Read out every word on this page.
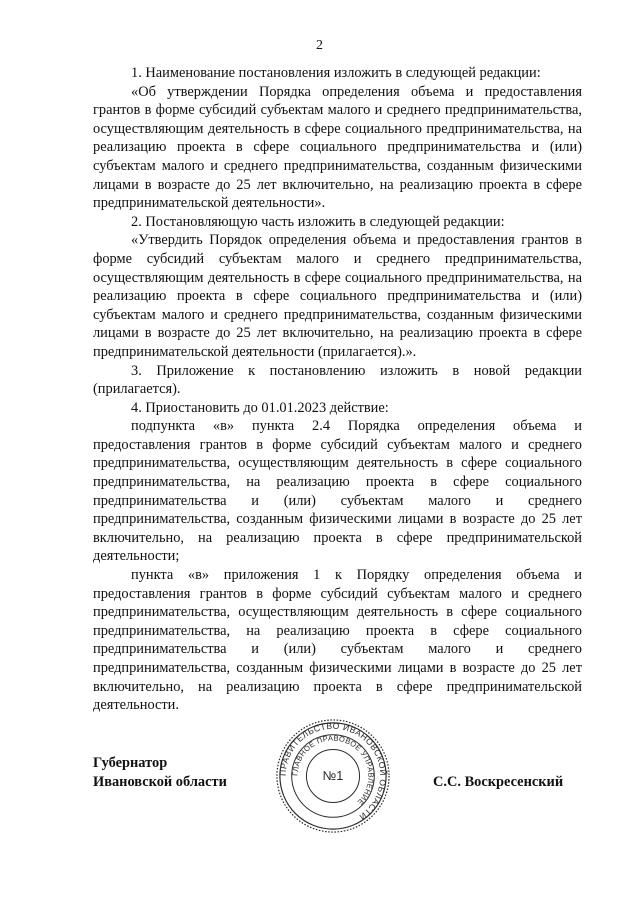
2

1. Наименование постановления изложить в следующей редакции:

«Об утверждении Порядка определения объема и предоставления грантов в форме субсидий субъектам малого и среднего предпринимательства, осуществляющим деятельность в сфере социального предпринимательства, на реализацию проекта в сфере социального предпринимательства и (или) субъектам малого и среднего предпринимательства, созданным физическими лицами в возрасте до 25 лет включительно, на реализацию проекта в сфере предпринимательской деятельности».

2. Постановляющую часть изложить в следующей редакции:

«Утвердить Порядок определения объема и предоставления грантов в форме субсидий субъектам малого и среднего предпринимательства, осуществляющим деятельность в сфере социального предпринимательства, на реализацию проекта в сфере социального предпринимательства и (или) субъектам малого и среднего предпринимательства, созданным физическими лицами в возрасте до 25 лет включительно, на реализацию проекта в сфере предпринимательской деятельности (прилагается).».

3. Приложение к постановлению изложить в новой редакции (прилагается).

4. Приостановить до 01.01.2023 действие:

подпункта «в» пункта 2.4 Порядка определения объема и предоставления грантов в форме субсидий субъектам малого и среднего предпринимательства, осуществляющим деятельность в сфере социального предпринимательства, на реализацию проекта в сфере социального предпринимательства и (или) субъектам малого и среднего предпринимательства, созданным физическими лицами в возрасте до 25 лет включительно, на реализацию проекта в сфере предпринимательской деятельности;

пункта «в» приложения 1 к Порядку определения объема и предоставления грантов в форме субсидий субъектам малого и среднего предпринимательства, осуществляющим деятельность в сфере социального предпринимательства, на реализацию проекта в сфере социального предпринимательства и (или) субъектам малого и среднего предпринимательства, созданным физическими лицами в возрасте до 25 лет включительно, на реализацию проекта в сфере предпринимательской деятельности.

Губернатор
Ивановской области
ПРАВИТЕЛЬСТВО ИВАНОВСКОЙ ОБЛАСТИ
ГЛАВНОЕ ПРАВОВОЕ УПРАВЛЕНИЕ
№1	С.С. Воскресенский
